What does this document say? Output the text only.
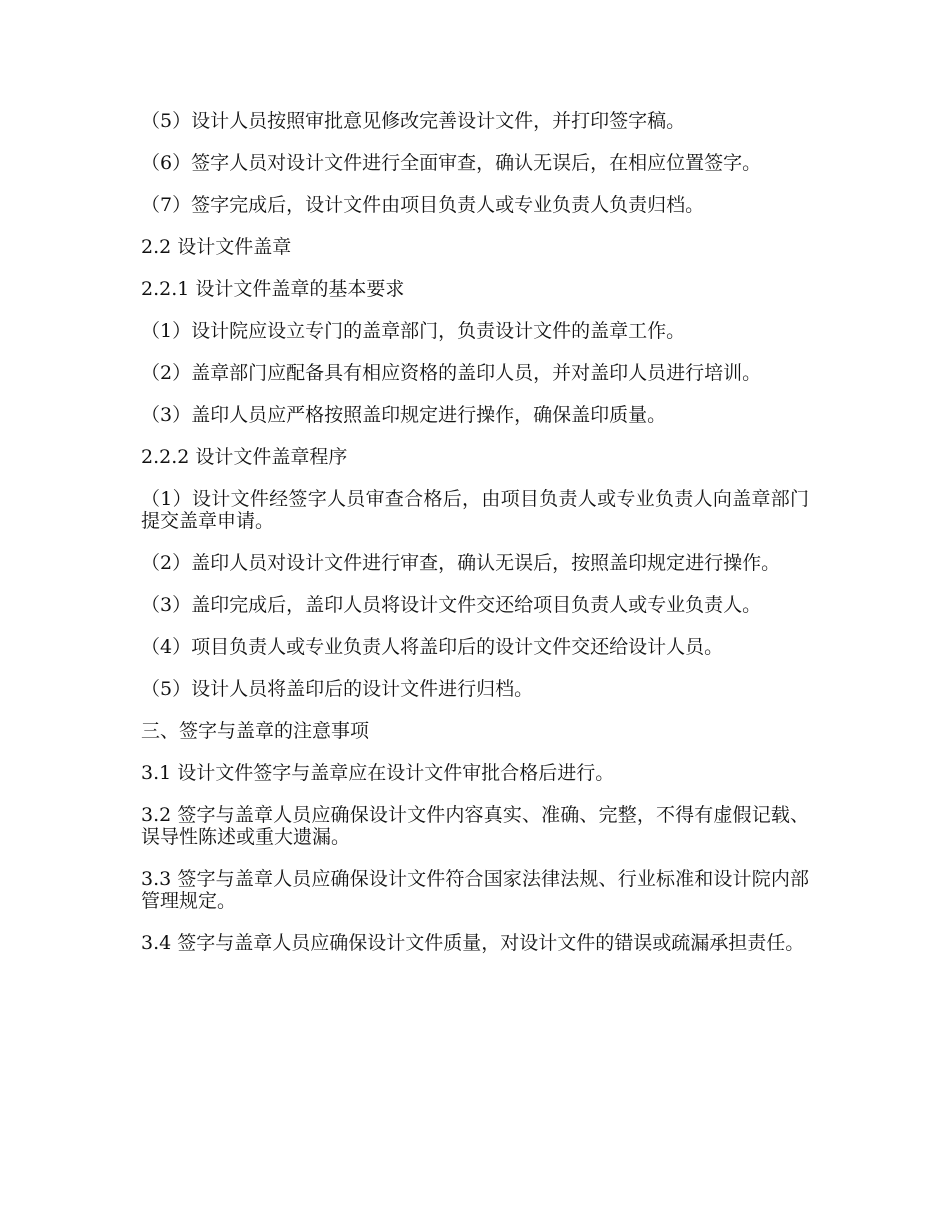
（5）设计人员按照审批意见修改完善设计文件，并打印签字稿。

（6）签字人员对设计文件进行全面审查，确认无误后，在相应位置签字。

（7）签字完成后，设计文件由项目负责人或专业负责人负责归档。

2.2 设计文件盖章

2.2.1 设计文件盖章的基本要求

（1）设计院应设立专门的盖章部门，负责设计文件的盖章工作。

（2）盖章部门应配备具有相应资格的盖印人员，并对盖印人员进行培训。

（3）盖印人员应严格按照盖印规定进行操作，确保盖印质量。

2.2.2 设计文件盖章程序

（1）设计文件经签字人员审查合格后，由项目负责人或专业负责人向盖章部门提交盖章申请。

（2）盖印人员对设计文件进行审查，确认无误后，按照盖印规定进行操作。

（3）盖印完成后，盖印人员将设计文件交还给项目负责人或专业负责人。

（4）项目负责人或专业负责人将盖印后的设计文件交还给设计人员。

（5）设计人员将盖印后的设计文件进行归档。

三、签字与盖章的注意事项

3.1 设计文件签字与盖章应在设计文件审批合格后进行。

3.2 签字与盖章人员应确保设计文件内容真实、准确、完整，不得有虚假记载、误导性陈述或重大遗漏。

3.3 签字与盖章人员应确保设计文件符合国家法律法规、行业标准和设计院内部管理规定。

3.4 签字与盖章人员应确保设计文件质量，对设计文件的错误或疏漏承担责任。
